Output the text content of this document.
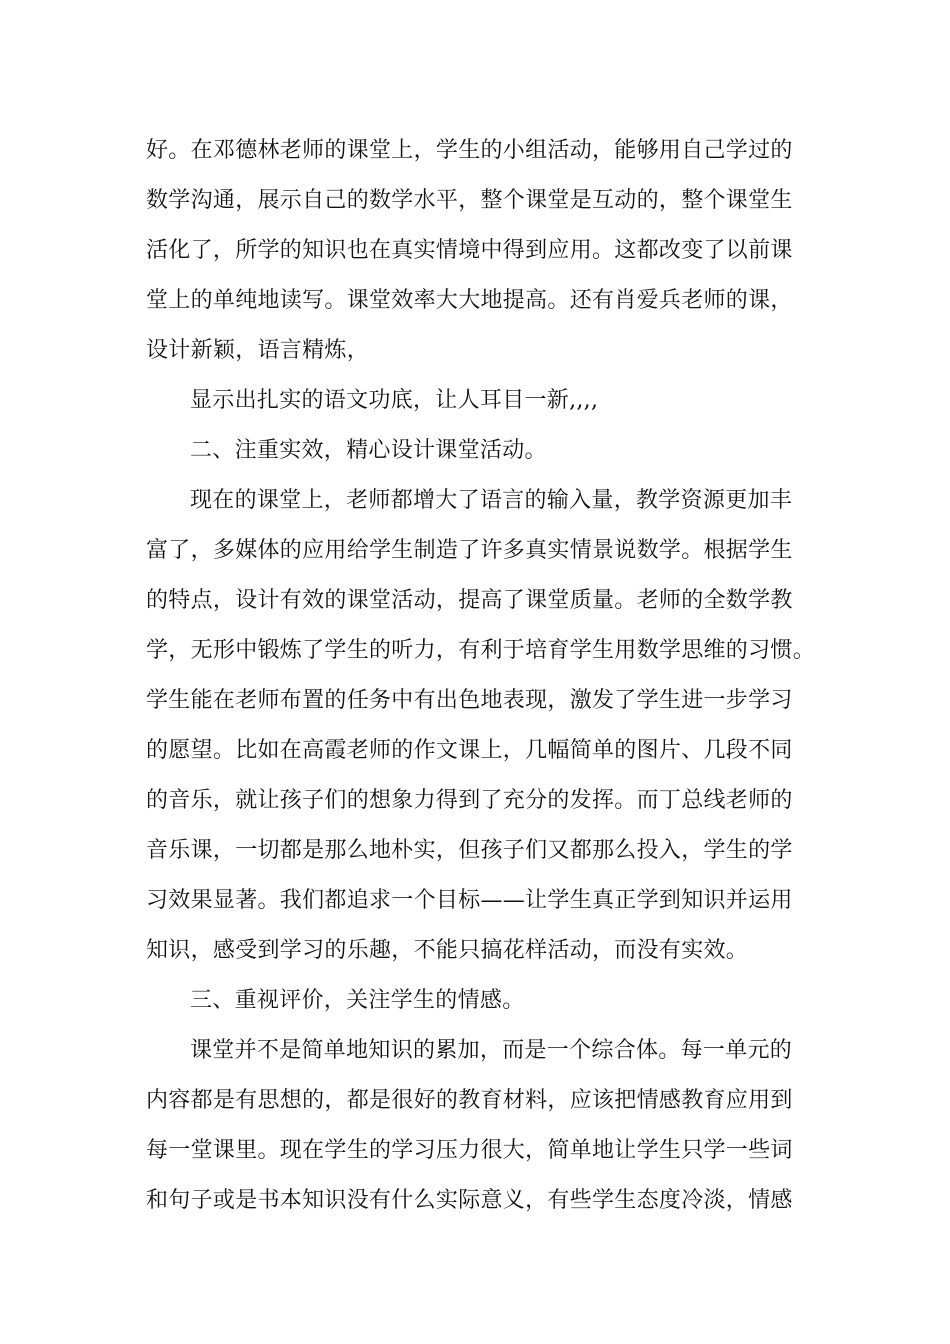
好。在邓德林老师的课堂上，学生的小组活动，能够用自己学过的
数学沟通，展示自己的数学水平，整个课堂是互动的，整个课堂生
活化了，所学的知识也在真实情境中得到应用。这都改变了以前课
堂上的单纯地读写。课堂效率大大地提高。还有肖爱兵老师的课，
设计新颖，语言精炼，
显示出扎实的语文功底，让人耳目一新,,,,
二、注重实效，精心设计课堂活动。
现在的课堂上，老师都增大了语言的输入量，教学资源更加丰
富了，多媒体的应用给学生制造了许多真实情景说数学。根据学生
的特点，设计有效的课堂活动，提高了课堂质量。老师的全数学教
学，无形中锻炼了学生的听力，有利于培育学生用数学思维的习惯。
学生能在老师布置的任务中有出色地表现，激发了学生进一步学习
的愿望。比如在高霞老师的作文课上，几幅简单的图片、几段不同
的音乐，就让孩子们的想象力得到了充分的发挥。而丁总线老师的
音乐课，一切都是那么地朴实，但孩子们又都那么投入，学生的学
习效果显著。我们都追求一个目标——让学生真正学到知识并运用
知识，感受到学习的乐趣，不能只搞花样活动，而没有实效。
三、重视评价，关注学生的情感。
课堂并不是简单地知识的累加，而是一个综合体。每一单元的
内容都是有思想的，都是很好的教育材料，应该把情感教育应用到
每一堂课里。现在学生的学习压力很大，简单地让学生只学一些词
和句子或是书本知识没有什么实际意义，有些学生态度冷淡，情感
